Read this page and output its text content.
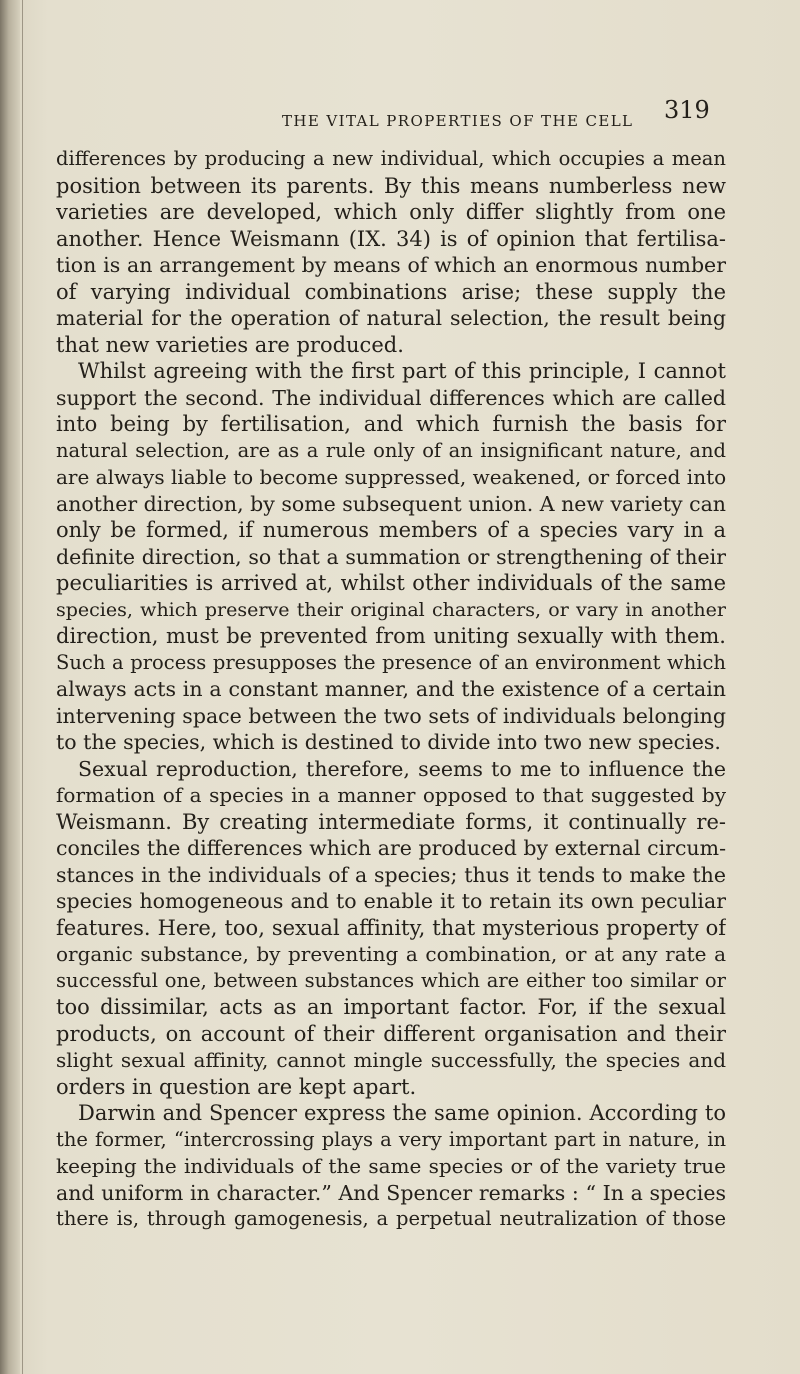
THE VITAL PROPERTIES OF THE CELL 319
differences by producing a new individual, which occupies a mean
position between its parents. By this means numberless new
varieties are developed, which only differ slightly from one
another. Hence Weismann (IX. 34) is of opinion that fertilisa-
tion is an arrangement by means of which an enormous number
of varying individual combinations arise; these supply the
material for the operation of natural selection, the result being
that new varieties are produced.
Whilst agreeing with the first part of this principle, I cannot
support the second. The individual differences which are called
into being by fertilisation, and which furnish the basis for
natural selection, are as a rule only of an insignificant nature, and
are always liable to become suppressed, weakened, or forced into
another direction, by some subsequent union. A new variety can
only be formed, if numerous members of a species vary in a
definite direction, so that a summation or strengthening of their
peculiarities is arrived at, whilst other individuals of the same
species, which preserve their original characters, or vary in another
direction, must be prevented from uniting sexually with them.
Such a process presupposes the presence of an environment which
always acts in a constant manner, and the existence of a certain
intervening space between the two sets of individuals belonging
to the species, which is destined to divide into two new species.
Sexual reproduction, therefore, seems to me to influence the
formation of a species in a manner opposed to that suggested by
Weismann. By creating intermediate forms, it continually re-
conciles the differences which are produced by external circum-
stances in the individuals of a species; thus it tends to make the
species homogeneous and to enable it to retain its own peculiar
features. Here, too, sexual affinity, that mysterious property of
organic substance, by preventing a combination, or at any rate a
successful one, between substances which are either too similar or
too dissimilar, acts as an important factor. For, if the sexual
products, on account of their different organisation and their
slight sexual affinity, cannot mingle successfully, the species and
orders in question are kept apart.
Darwin and Spencer express the same opinion. According to
the former, “intercrossing plays a very important part in nature, in
keeping the individuals of the same species or of the variety true
and uniform in character.” And Spencer remarks : “ In a species
there is, through gamogenesis, a perpetual neutralization of those
